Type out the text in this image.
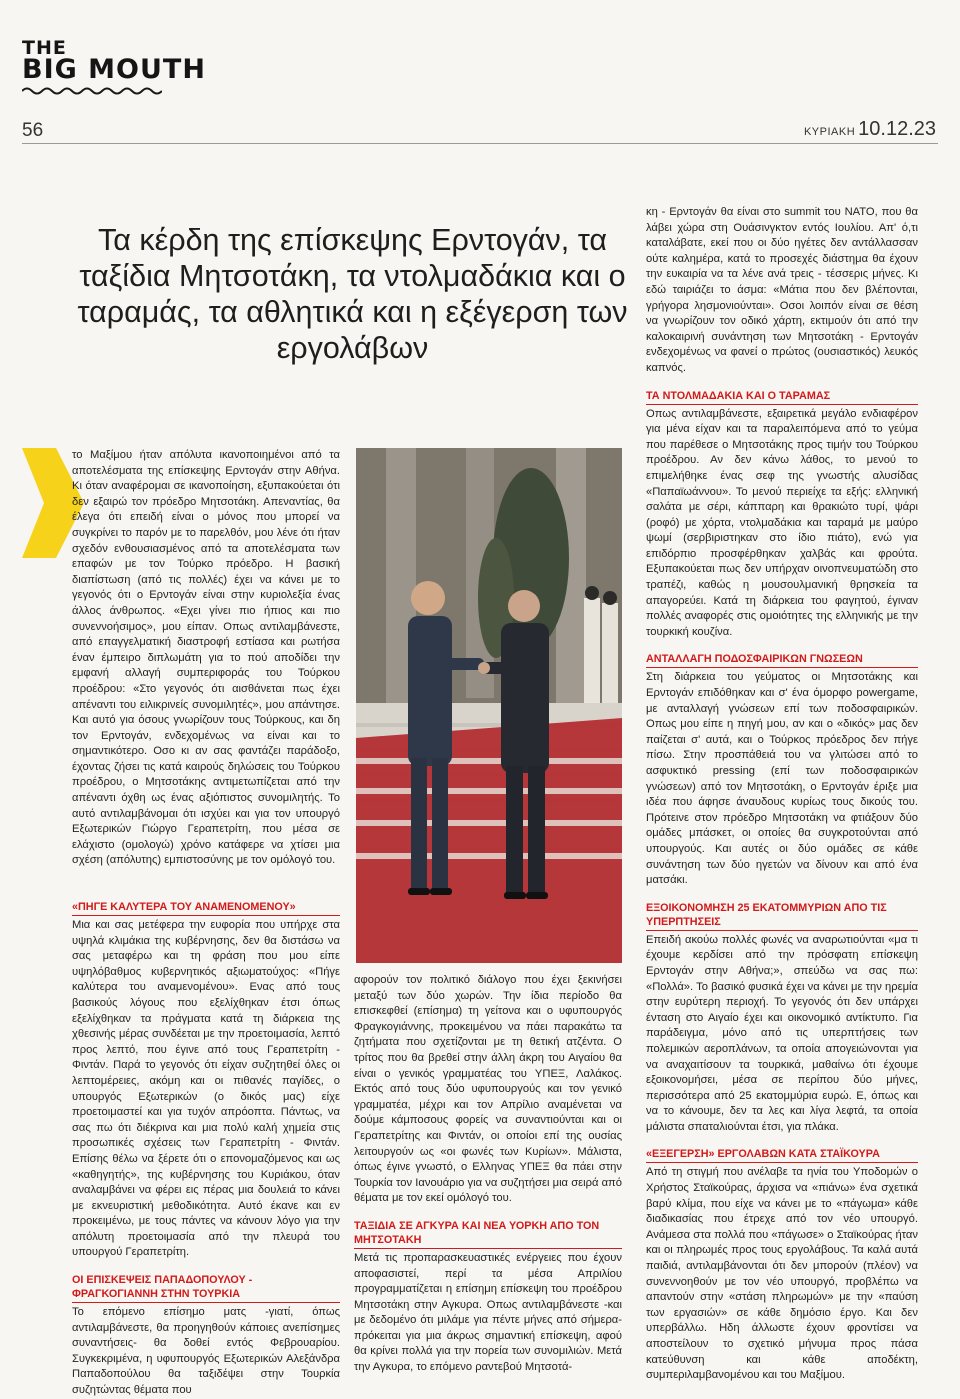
THE
BIG MOUTH
56	ΚΥΡΙΑΚΗ 10.12.23
Τα κέρδη της επίσκεψης Ερντογάν, τα ταξίδια Μητσοτάκη, τα ντολμαδάκια και ο ταραμάς, τα αθλητικά και η εξέγερση των εργολάβων

το Μαξίμου ήταν απόλυτα ικανοποιημένοι από τα αποτελέσματα της επίσκεψης Ερντογάν στην Αθήνα. Κι όταν αναφέρομαι σε ικανοποίηση, εξυπακούεται ότι δεν εξαιρώ τον πρόεδρο Μητσοτάκη. Απεναντίας, θα έλεγα ότι επειδή είναι ο μόνος που μπορεί να συγκρίνει το παρόν με το παρελθόν, μου λένε ότι ήταν σχεδόν ενθουσιασμένος από τα αποτελέσματα των επαφών με τον Τούρκο πρόεδρο. Η βασική διαπίστωση (από τις πολλές) έχει να κάνει με το γεγονός ότι ο Ερντογάν είναι στην κυριολεξία ένας άλλος άνθρωπος. «Εχει γίνει πιο ήπιος και πιο συνεννοήσιμος», μου είπαν. Οπως αντιλαμβάνεστε, από επαγγελματική διαστροφή εστίασα και ρωτήσα έναν έμπειρο διπλωμάτη για το πού αποδίδει την εμφανή αλλαγή συμπεριφοράς του Τούρκου προέδρου: «Στο γεγονός ότι αισθάνεται πως έχει απέναντι του ειλικρινείς συνομιλητές», μου απάντησε. Και αυτό για όσους γνωρίζουν τους Τούρκους, και δη τον Ερντογάν, ενδεχομένως να είναι και το σημαντικότερο. Οσο κι αν σας φαντάζει παράδοξο, έχοντας ζήσει τις κατά καιρούς δηλώσεις του Τούρκου προέδρου, ο Μητσοτάκης αντιμετωπίζεται από την απέναντι όχθη ως ένας αξιόπιστος συνομιλητής. Το αυτό αντιλαμβάνομαι ότι ισχύει και για τον υπουργό Εξωτερικών Γιώργο Γεραπετρίτη, που μέσα σε ελάχιστο (ομολογώ) χρόνο κατάφερε να χτίσει μια σχέση (απόλυτης) εμπιστοσύνης με τον ομόλογό του.

«ΠΗΓΕ ΚΑΛΥΤΕΡΑ ΤΟΥ ΑΝΑΜΕΝΟΜΕΝΟΥ»

Μια και σας μετέφερα την ευφορία που υπήρχε στα υψηλά κλιμάκια της κυβέρνησης, δεν θα διστάσω να σας μεταφέρω και τη φράση που μου είπε υψηλόβαθμος κυβερνητικός αξιωματούχος: «Πήγε καλύτερα του αναμενομένου». Ενας από τους βασικούς λόγους που εξελίχθηκαν έτσι όπως εξελίχθηκαν τα πράγματα κατά τη διάρκεια της χθεσινής μέρας συνδέεται με την προετοιμασία, λεπτό προς λεπτό, που έγινε από τους Γεραπετρίτη - Φιντάν. Παρά το γεγονός ότι είχαν συζητηθεί όλες οι λεπτομέρειες, ακόμη και οι πιθανές παγίδες, ο υπουργός Εξωτερικών (ο δικός μας) είχε προετοιμαστεί και για τυχόν απρόοπτα. Πάντως, να σας πω ότι διέκρινα και μια πολύ καλή χημεία στις προσωπικές σχέσεις των Γεραπετρίτη - Φιντάν. Επίσης θέλω να ξέρετε ότι ο επονομαζόμενος και ως «καθηγητής», της κυβέρνησης του Κυριάκου, όταν αναλαμβάνει να φέρει εις πέρας μια δουλειά το κάνει με εκνευριστική μεθοδικότητα. Αυτό έκανε και εν προκειμένω, με τους πάντες να κάνουν λόγο για την απόλυτη προετοιμασία από την πλευρά του υπουργού Γεραπετρίτη.

ΟΙ ΕΠΙΣΚΕΨΕΙΣ ΠΑΠΑΔΟΠΟΥΛΟΥ - ΦΡΑΓΚΟΓΙΑΝΝΗ ΣΤΗΝ ΤΟΥΡΚΙΑ

Το επόμενο επίσημο ματς -γιατί, όπως αντιλαμβάνεστε, θα προηγηθούν κάποιες ανεπίσημες συναντήσεις- θα δοθεί εντός Φεβρουαρίου. Συγκεκριμένα, η υφυπουργός Εξωτερικών Αλεξάνδρα Παπαδοπούλου θα ταξιδέψει στην Τουρκία συζητώντας θέματα που

αφορούν τον πολιτικό διάλογο που έχει ξεκινήσει μεταξύ των δύο χωρών. Την ίδια περίοδο θα επισκεφθεί (επίσημα) τη γείτονα και ο υφυπουργός Φραγκογιάννης, προκειμένου να πάει παρακάτω τα ζητήματα που σχετίζονται με τη θετική ατζέντα. Ο τρίτος που θα βρεθεί στην άλλη άκρη του Αιγαίου θα είναι ο γενικός γραμματέας του ΥΠΕΞ, Λαλάκος. Εκτός από τους δύο υφυπουργούς και τον γενικό γραμματέα, μέχρι και τον Απρίλιο αναμένεται να δούμε κάμποσους φορείς να συναντιούνται και οι Γεραπετρίτης και Φιντάν, οι οποίοι επί της ουσίας λειτουργούν ως «οι φωνές των Κυρίων». Μάλιστα, όπως έγινε γνωστό, ο Ελληνας ΥΠΕΞ θα πάει στην Τουρκία τον Ιανουάριο για να συζητήσει μια σειρά από θέματα με τον εκεί ομόλογό του.

ΤΑΞΙΔΙΑ ΣΕ ΑΓΚΥΡΑ ΚΑΙ ΝΕΑ ΥΟΡΚΗ ΑΠΟ ΤΟΝ ΜΗΤΣΟΤΑΚΗ

Μετά τις προπαρασκευαστικές ενέργειες που έχουν αποφασιστεί, περί τα μέσα Απριλίου προγραμματίζεται η επίσημη επίσκεψη του προέδρου Μητσοτάκη στην Αγκυρα. Οπως αντιλαμβάνεστε -και με δεδομένο ότι μιλάμε για πέντε μήνες από σήμερα- πρόκειται για μια άκρως σημαντική επίσκεψη, αφού θα κρίνει πολλά για την πορεία των συνομιλιών. Μετά την Αγκυρα, το επόμενο ραντεβού Μητσοτά-

κη - Ερντογάν θα είναι στο summit του ΝΑΤΟ, που θα λάβει χώρα στη Ουάσινγκτον εντός Ιουλίου. Απ' ό,τι καταλάβατε, εκεί που οι δύο ηγέτες δεν αντάλλασσαν ούτε καλημέρα, κατά το προσεχές διάστημα θα έχουν την ευκαιρία να τα λένε ανά τρεις - τέσσερις μήνες. Κι εδώ ταιριάζει το άσμα: «Μάτια που δεν βλέπονται, γρήγορα λησμονιούνται». Οσοι λοιπόν είναι σε θέση να γνωρίζουν τον οδικό χάρτη, εκτιμούν ότι από την καλοκαιρινή συνάντηση των Μητσοτάκη - Ερντογάν ενδεχομένως να φανεί ο πρώτος (ουσιαστικός) λευκός καπνός.

ΤΑ ΝΤΟΛΜΑΔΑΚΙΑ ΚΑΙ Ο ΤΑΡΑΜΑΣ

Οπως αντιλαμβάνεστε, εξαιρετικά μεγάλο ενδιαφέρον για μένα είχαν και τα παραλειπόμενα από το γεύμα που παρέθεσε ο Μητσοτάκης προς τιμήν του Τούρκου προέδρου. Αν δεν κάνω λάθος, το μενού το επιμελήθηκε ένας σεφ της γνωστής αλυσίδας «Παπαϊωάννου». Το μενού περιείχε τα εξής: ελληνική σαλάτα με σέρι, κάππαρη και θρακιώτο τυρί, ψάρι (ροφό) με χόρτα, ντολμαδάκια και ταραμά με μαύρο ψωμί (σερβιριστηκαν στο ίδιο πιάτο), ενώ για επιδόρπιο προσφέρθηκαν χαλβάς και φρούτα. Εξυπακούεται πως δεν υπήρχαν οινοπνευματώδη στο τραπέζι, καθώς η μουσουλμανική θρησκεία τα απαγορεύει. Κατά τη διάρκεια του φαγητού, έγιναν πολλές αναφορές στις ομοιότητες της ελληνικής με την τουρκική κουζίνα.

ΑΝΤΑΛΛΑΓΗ ΠΟΔΟΣΦΑΙΡΙΚΩΝ ΓΝΩΣΕΩΝ

Στη διάρκεια του γεύματος οι Μητσοτάκης και Ερντογάν επιδόθηκαν και σ' ένα όμορφο powergame, με ανταλλαγή γνώσεων επί των ποδοσφαιρικών. Οπως μου είπε η πηγή μου, αν και ο «δικός» μας δεν παίζεται σ' αυτά, και ο Τούρκος πρόεδρος δεν πήγε πίσω. Στην προσπάθειά του να γλιτώσει από το ασφυκτικό pressing (επί των ποδοσφαιρικών γνώσεων) από τον Μητσοτάκη, ο Ερντογάν έριξε μια ιδέα που άφησε άναυδους κυρίως τους δικούς του. Πρότεινε στον πρόεδρο Μητσοτάκη να φτιάξουν δύο ομάδες μπάσκετ, οι οποίες θα συγκροτούνται από υπουργούς. Και αυτές οι δύο ομάδες σε κάθε συνάντηση των δύο ηγετών να δίνουν και από ένα ματσάκι.

ΕΞΟΙΚΟΝΟΜΗΣΗ 25 ΕΚΑΤΟΜΜΥΡΙΩΝ ΑΠΟ ΤΙΣ ΥΠΕΡΠΤΗΣΕΙΣ

Επειδή ακούω πολλές φωνές να αναρωτιούνται «μα τι έχουμε κερδίσει από την πρόσφατη επίσκεψη Ερντογάν στην Αθήνα;», σπεύδω να σας πω: «Πολλά». Το βασικό φυσικά έχει να κάνει με την ηρεμία στην ευρύτερη περιοχή. Το γεγονός ότι δεν υπάρχει ένταση στο Αιγαίο έχει και οικονομικό αντίκτυπο. Για παράδειγμα, μόνο από τις υπερπτήσεις των πολεμικών αεροπλάνων, τα οποία απογειώνονται για να αναχαιτίσουν τα τουρκικά, μαθαίνω ότι έχουμε εξοικονομήσει, μέσα σε περίπου δύο μήνες, περισσότερα από 25 εκατομμύρια ευρώ. Ε, όπως και να το κάνουμε, δεν τα λες και λίγα λεφτά, τα οποία μάλιστα σπαταλιούνται έτσι, για πλάκα.

«ΕΞΕΓΕΡΣΗ» ΕΡΓΟΛΑΒΩΝ ΚΑΤΑ ΣΤΑΪΚΟΥΡΑ

Από τη στιγμή που ανέλαβε τα ηνία του Υποδομών ο Χρήστος Σταϊκούρας, άρχισα να «πιάνω» ένα σχετικά βαρύ κλίμα, που είχε να κάνει με το «πάγωμα» κάθε διαδικασίας που έτρεχε από τον νέο υπουργό. Ανάμεσα στα πολλά που «πάγωσε» ο Σταϊκούρας ήταν και οι πληρωμές προς τους εργολάβους. Τα καλά αυτά παιδιά, αντιλαμβάνονται ότι δεν μπορούν (πλέον) να συνεννοηθούν με τον νέο υπουργό, προβλέπω να απαντούν στην «στάση πληρωμών» με την «παύση των εργασιών» σε κάθε δημόσιο έργο. Και δεν υπερβάλλω. Ηδη άλλωστε έχουν φροντίσει να αποστείλουν το σχετικό μήνυμα προς πάσα κατεύθυνση και κάθε αποδέκτη, συμπεριλαμβανομένου και του Μαξίμου.
